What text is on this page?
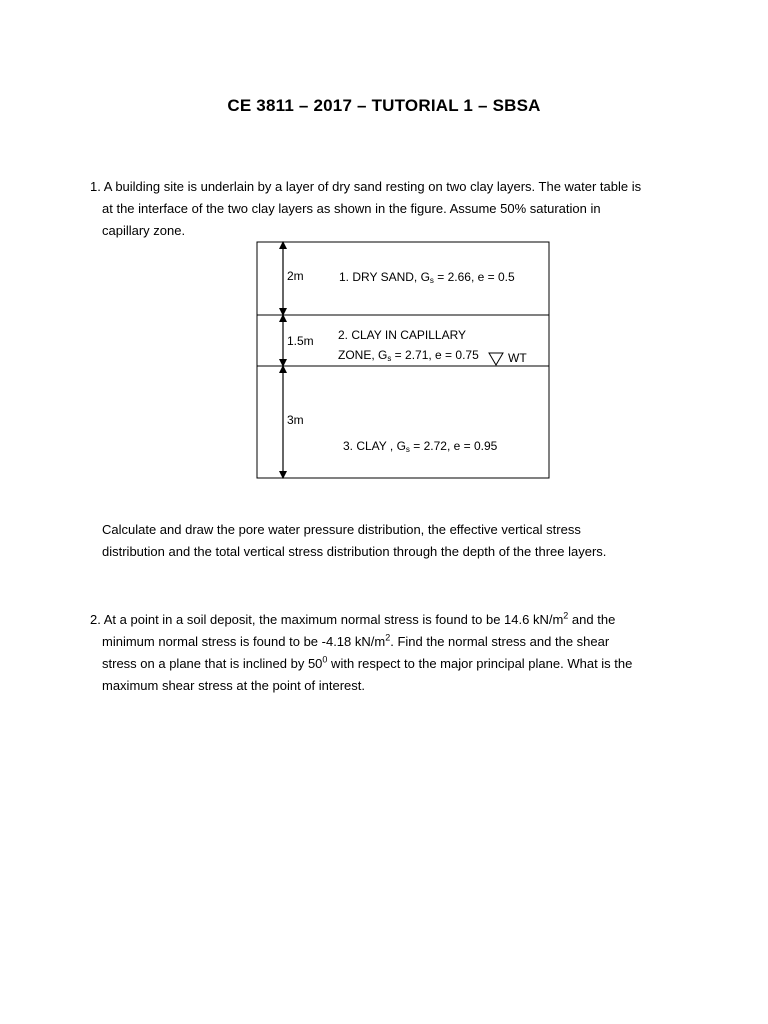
CE 3811 – 2017 – TUTORIAL 1 – SBSA
1. A building site is underlain by a layer of dry sand resting on two clay layers. The water table is
at the interface of the two clay layers as shown in the figure. Assume 50% saturation in
capillary zone.
2m
1.5m
3m
1. DRY SAND, Gs = 2.66, e = 0.5
2. CLAY IN CAPILLARY
ZONE, Gs = 2.71, e = 0.75 WT
3. CLAY , Gs = 2.72, e = 0.95
Calculate and draw the pore water pressure distribution, the effective vertical stress
distribution and the total vertical stress distribution through the depth of the three layers.
2. At a point in a soil deposit, the maximum normal stress is found to be 14.6 $kN/m^2$ and the
minimum normal stress is found to be -4.18 $kN/m^2$. Find the normal stress and the shear
stress on a plane that is inclined by $50^0$ with respect to the major principal plane. What is the
maximum shear stress at the point of interest.
